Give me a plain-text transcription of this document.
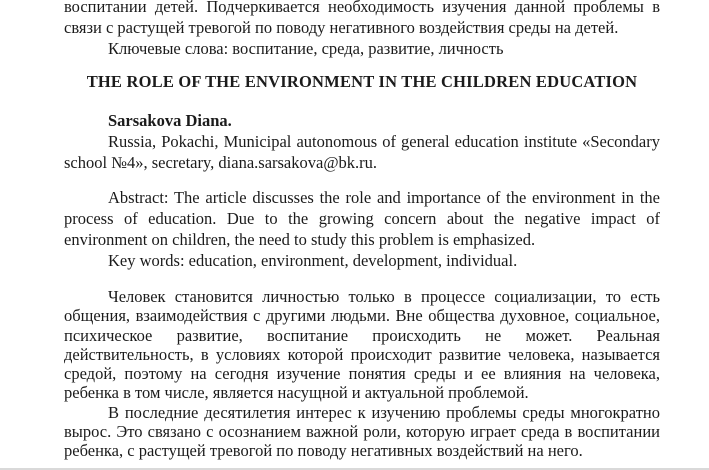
воспитании детей. Подчеркивается необходимость изучения данной проблемы в связи с растущей тревогой по поводу негативного воздействия среды на детей.

Ключевые слова: воспитание, среда, развитие, личность

THE ROLE OF THE ENVIRONMENT IN THE CHILDREN EDUCATION

Sarsakova Diana.

Russia, Pokachi, Municipal autonomous of general education institute «Secondary school №4», secretary, diana.sarsakova@bk.ru.

Abstract: The article discusses the role and importance of the environment in the process of education. Due to the growing concern about the negative impact of environment on children, the need to study this problem is emphasized.

Key words: education, environment, development, individual.

Человек становится личностью только в процессе социализации, то есть общения, взаимодействия с другими людьми. Вне общества духовное, социальное, психическое развитие, воспитание происходить не может. Реальная действительность, в условиях которой происходит развитие человека, называется средой, поэтому на сегодня изучение понятия среды и ее влияния на человека, ребенка в том числе, является насущной и актуальной проблемой.

В последние десятилетия интерес к изучению проблемы среды многократно вырос. Это связано с осознанием важной роли, которую играет среда в воспитании ребенка, с растущей тревогой по поводу негативных воздействий на него.
